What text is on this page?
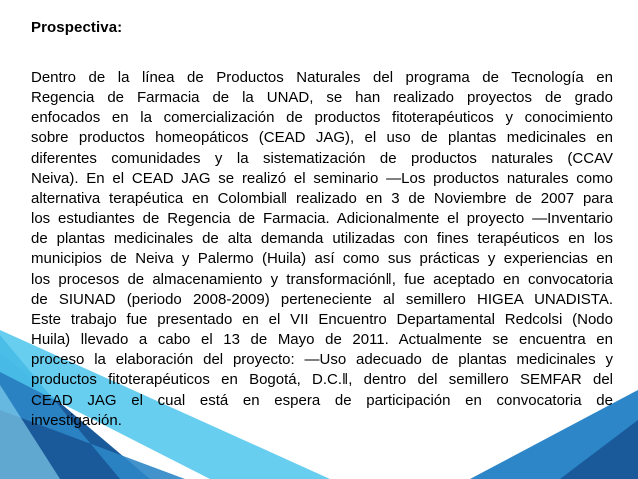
Prospectiva:
Dentro de la línea de Productos Naturales del programa de Tecnología en
Regencia de Farmacia de la UNAD, se han realizado proyectos de grado
enfocados en la comercialización de productos fitoterapéuticos y conocimiento
sobre productos homeopáticos (CEAD JAG), el uso de plantas medicinales en
diferentes comunidades y la sistematización de productos naturales (CCAV
Neiva). En el CEAD JAG se realizó el seminario ―Los productos naturales como
alternativa terapéutica en Colombia‖ realizado en 3 de Noviembre de 2007 para
los estudiantes de Regencia de Farmacia. Adicionalmente el proyecto ―Inventario
de plantas medicinales de alta demanda utilizadas con fines terapéuticos en los
municipios de Neiva y Palermo (Huila) así como sus prácticas y experiencias en
los procesos de almacenamiento y transformación‖, fue aceptado en convocatoria
de SIUNAD (periodo 2008-2009) perteneciente al semillero HIGEA UNADISTA.
Este trabajo fue presentado en el VII Encuentro Departamental Redcolsi (Nodo
Huila) llevado a cabo el 13 de Mayo de 2011. Actualmente se encuentra en
proceso la elaboración del proyecto: ―Uso adecuado de plantas medicinales y
productos fitoterapéuticos en Bogotá, D.C.‖, dentro del semillero SEMFAR del
CEAD JAG el cual está en espera de participación en convocatoria de
investigación.
